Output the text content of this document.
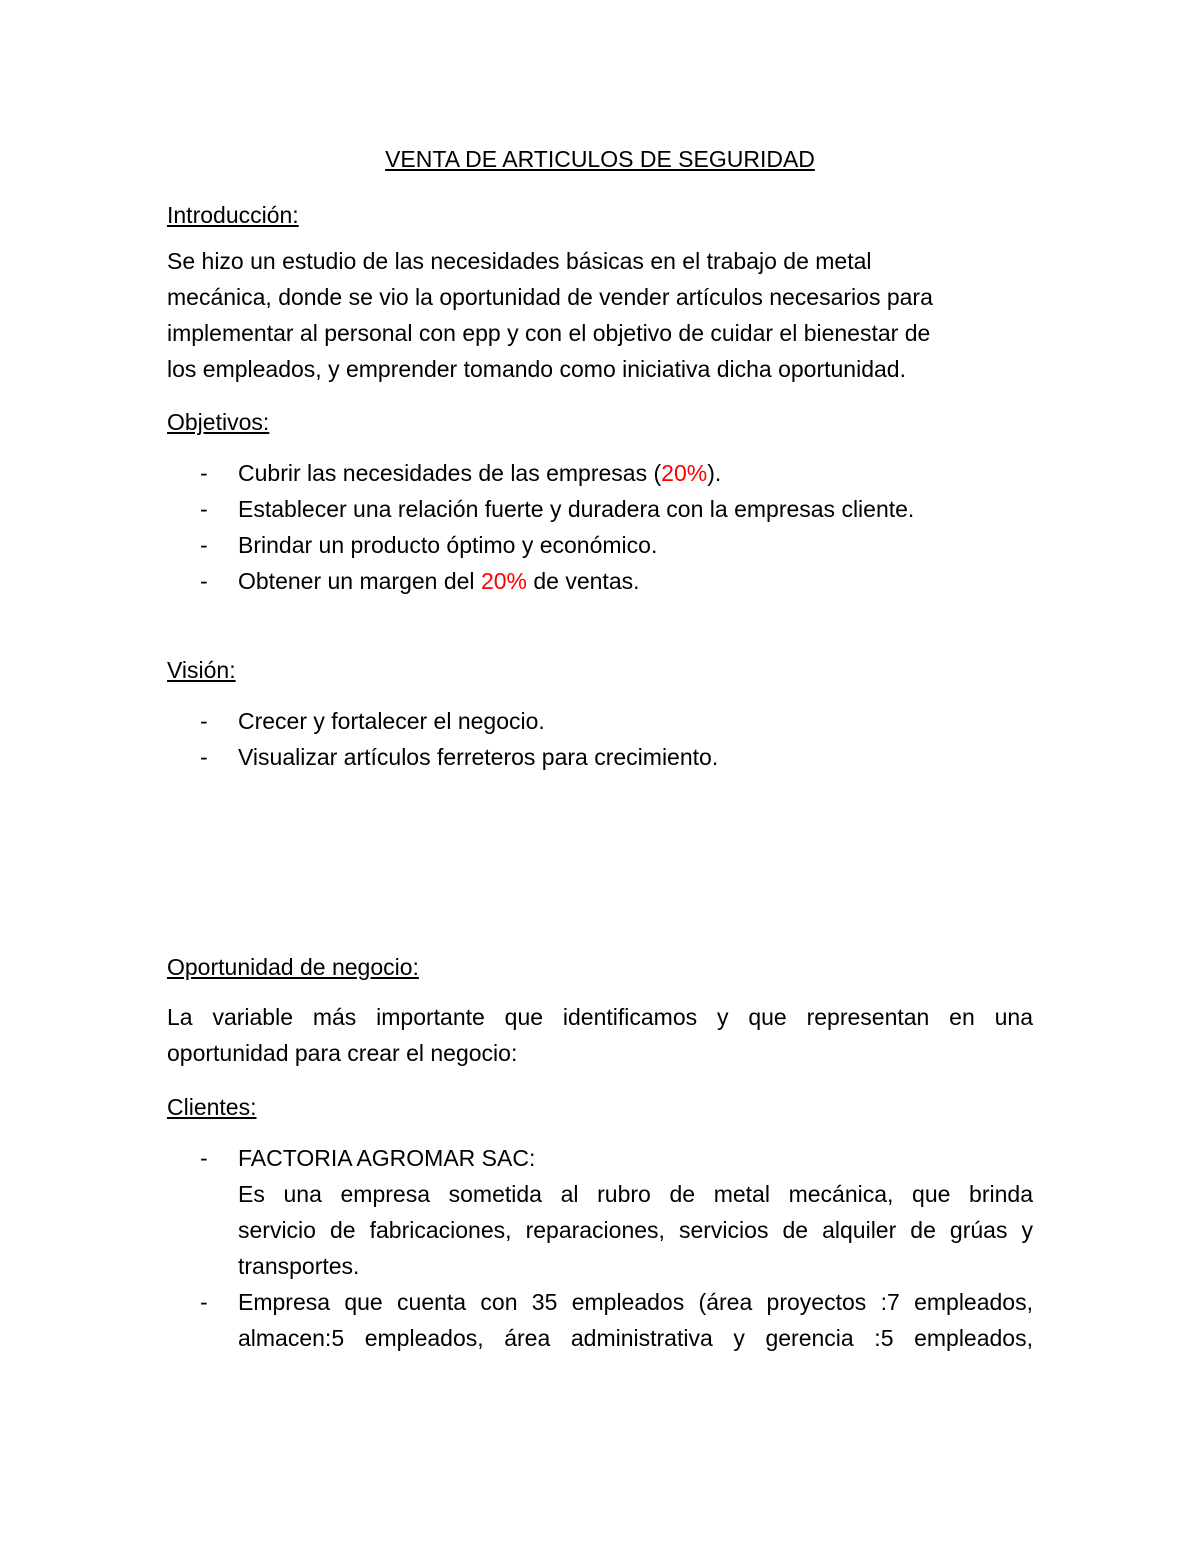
VENTA DE ARTICULOS DE SEGURIDAD
Introducción:

Se hizo un estudio de las necesidades básicas en el trabajo de metal

mecánica, donde se vio la oportunidad de vender artículos necesarios para

implementar al personal con epp y con el objetivo de cuidar el bienestar de

los empleados, y emprender tomando como iniciativa dicha oportunidad.

Objetivos:
- Cubrir las necesidades de las empresas (20%).
- Establecer una relación fuerte y duradera con la empresas cliente.
- Brindar un producto óptimo y económico.
- Obtener un margen del 20% de ventas.
Visión:
- Crecer y fortalecer el negocio.
- Visualizar artículos ferreteros para crecimiento.
Oportunidad de negocio:

La variable más importante que identificamos y que representan en una

oportunidad para crear el negocio:

Clientes:
- FACTORIA AGROMAR SAC:

Es una empresa sometida al rubro de metal mecánica, que brinda

servicio de fabricaciones, reparaciones, servicios de alquiler de grúas y

transportes.

- Empresa que cuenta con 35 empleados (área proyectos :7 empleados,

almacen:5 empleados, área administrativa y gerencia :5 empleados,
